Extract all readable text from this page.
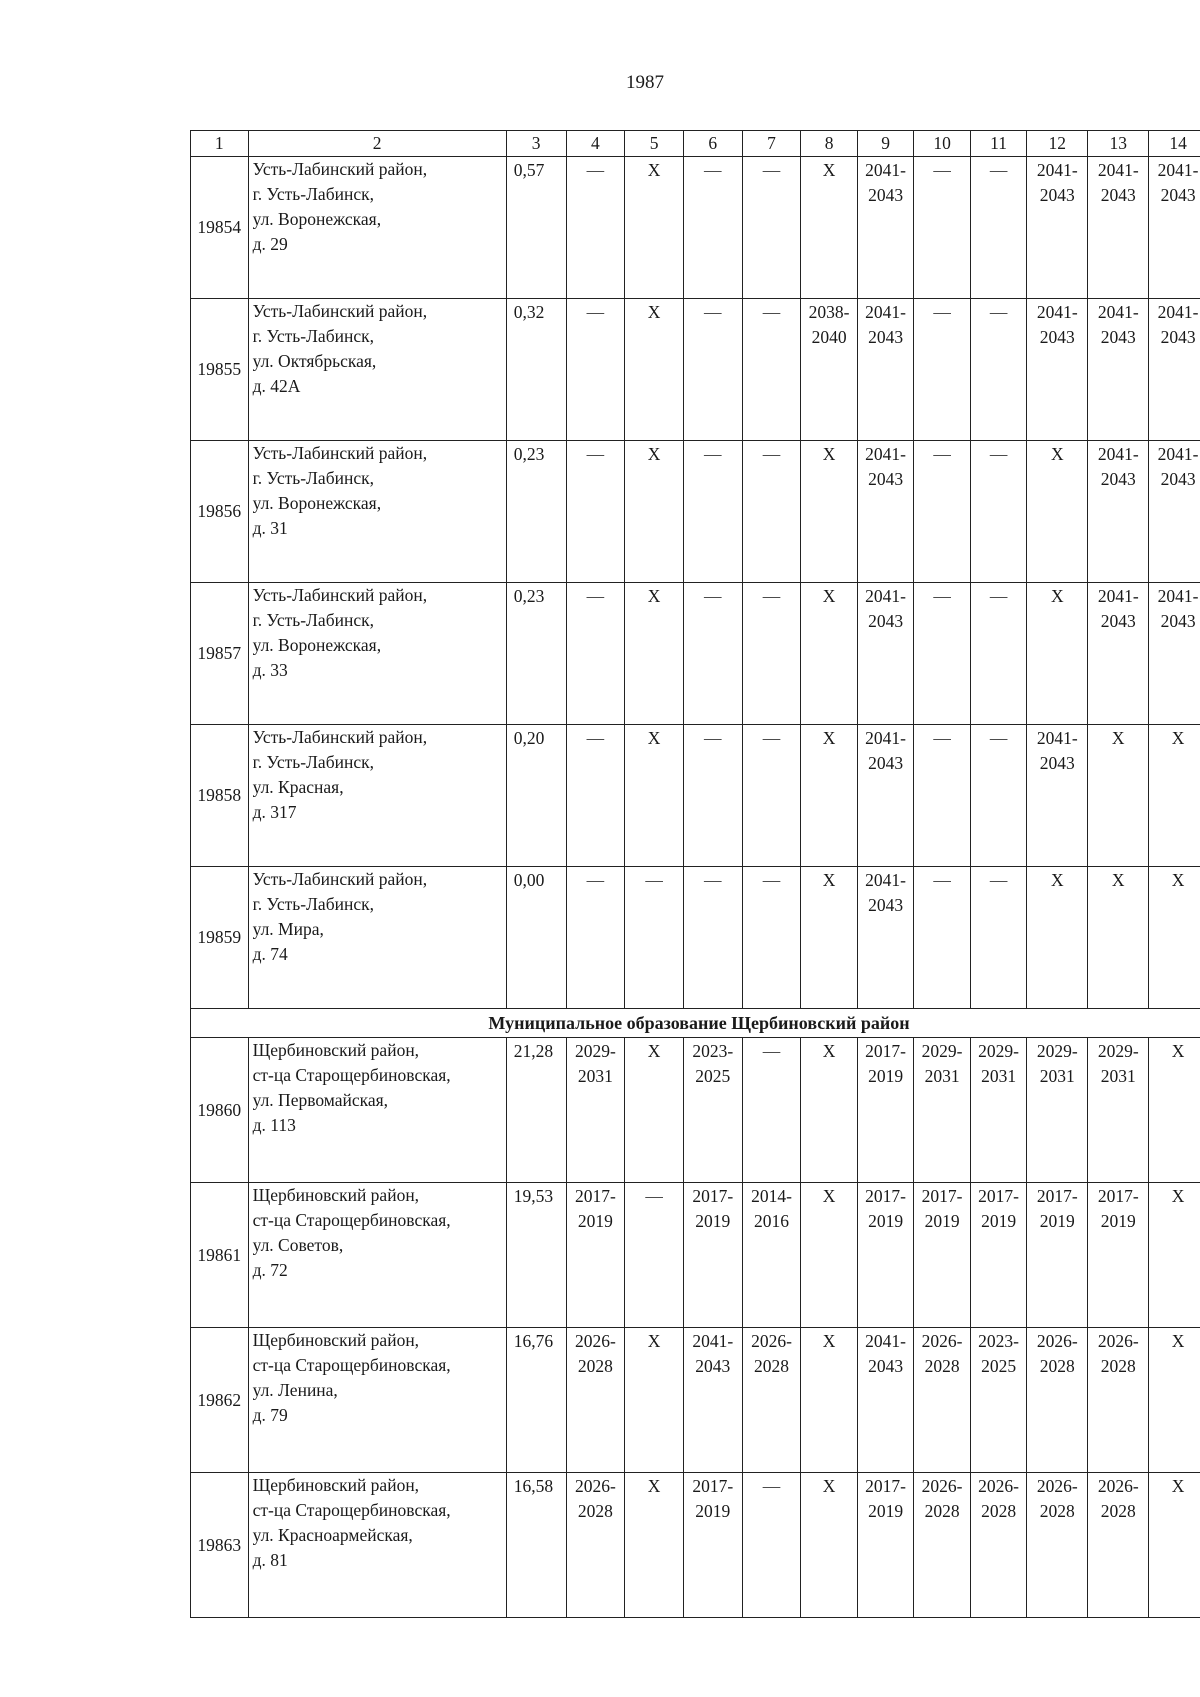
1987
1	2	3	4	5	6	7	8	9	10	11	12	13	14

19854	Усть-Лабинский район,
г. Усть-Лабинск,
ул. Воронежская,
д. 29	0,57	—	X	—	—	X	2041-
2043	—	—	2041-
2043	2041-
2043	2041-
2043

19855	Усть-Лабинский район,
г. Усть-Лабинск,
ул. Октябрьская,
д. 42А	0,32	—	X	—	—	2038-
2040	2041-
2043	—	—	2041-
2043	2041-
2043	2041-
2043

19856	Усть-Лабинский район,
г. Усть-Лабинск,
ул. Воронежская,
д. 31	0,23	—	X	—	—	X	2041-
2043	—	—	X	2041-
2043	2041-
2043

19857	Усть-Лабинский район,
г. Усть-Лабинск,
ул. Воронежская,
д. 33	0,23	—	X	—	—	X	2041-
2043	—	—	X	2041-
2043	2041-
2043

19858	Усть-Лабинский район,
г. Усть-Лабинск,
ул. Красная,
д. 317	0,20	—	X	—	—	X	2041-
2043	—	—	2041-
2043	X	X

19859	Усть-Лабинский район,
г. Усть-Лабинск,
ул. Мира,
д. 74	0,00	—	—	—	—	X	2041-
2043	—	—	X	X	X

Муниципальное образование Щербиновский район													

19860	Щербиновский район,
ст-ца Старощербиновская,
ул. Первомайская,
д. 113	21,28	2029-
2031	X	2023-
2025	—	X	2017-
2019	2029-
2031	2029-
2031	2029-
2031	2029-
2031	X

19861	Щербиновский район,
ст-ца Старощербиновская,
ул. Советов,
д. 72	19,53	2017-
2019	—	2017-
2019	2014-
2016	X	2017-
2019	2017-
2019	2017-
2019	2017-
2019	2017-
2019	X

19862	Щербиновский район,
ст-ца Старощербиновская,
ул. Ленина,
д. 79	16,76	2026-
2028	X	2041-
2043	2026-
2028	X	2041-
2043	2026-
2028	2023-
2025	2026-
2028	2026-
2028	X

19863	Щербиновский район,
ст-ца Старощербиновская,
ул. Красноармейская,
д. 81	16,58	2026-
2028	X	2017-
2019	—	X	2017-
2019	2026-
2028	2026-
2028	2026-
2028	2026-
2028	X
